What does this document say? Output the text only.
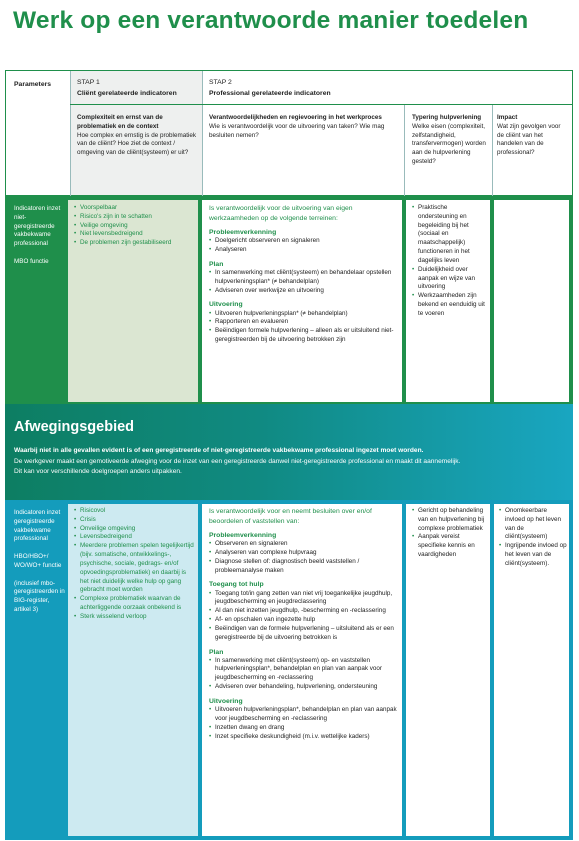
Werk op een verantwoorde manier toedelen
Parameters	STAP 1
Cliënt gerelateerde indicatoren
STAP 2
Professional gerelateerde indicatoren
Complexiteit en ernst van de problematiek en de context
Hoe complex en ernstig is de problematiek van de cliënt? Hoe ziet de context / omgeving van de cliënt(systeem) er uit?
Verantwoordelijkheden en regievoering in het werkproces
Wie is verantwoordelijk voor de uitvoering van taken? Wie mag besluiten nemen?
Typering hulpverlening
Welke eisen (complexiteit, zelfstandigheid, transfervermogen) worden aan de hulpverlening gesteld?
Impact
Wat zijn gevolgen voor de cliënt van het handelen van de professional?
Indicatoren inzet niet-geregistreerde vakbekwame professional

MBO functie
• Voorspelbaar
• Risico's zijn in te schatten
• Veilige omgeving
• Niet levensbedreigend
• De problemen zijn gestabiliseerd
Is verantwoordelijk voor de uitvoering van eigen werkzaamheden op de volgende terreinen:
Probleemverkenning
• Doelgericht observeren en signaleren
• Analyseren
Plan
• In samenwerking met cliënt(systeem) en behandelaar opstellen hulpverleningsplan* (≠ behandelplan)
• Adviseren over werkwijze en uitvoering
Uitvoering
• Uitvoeren hulpverleningsplan* (≠ behandelplan)
• Rapporteren en evalueren
• Beëindigen formele hulpverlening – alleen als er uitsluitend niet-geregistreerden bij de uitvoering betrokken zijn
• Praktische ondersteuning en begeleiding bij het (sociaal en maatschappelijk) functioneren in het dagelijks leven
• Duidelijkheid over aanpak en wijze van uitvoering
• Werkzaamheden zijn bekend en eenduidig uit te voeren
Afwegingsgebied
Waarbij niet in alle gevallen evident is of een geregistreerde of niet-geregistreerde vakbekwame professional ingezet moet worden.
De werkgever maakt een gemotiveerde afweging voor de inzet van een geregistreerde danwel niet-geregistreerde professional en maakt dit aannemelijk.
Dit kan voor verschillende doelgroepen anders uitpakken.
Indicatoren inzet geregistreerde vakbekwame professional

HBO/HBO+/ WO/WO+ functie

(inclusief mbo-geregistreerden in BIG-register, artikel 3)
• Risicovol
• Crisis
• Onveilige omgeving
• Levensbedreigend
• Meerdere problemen spelen tegelijkertijd (bijv. somatische, ontwikkelings-, psychische, sociale, gedrags- en/of opvoedingsproblematiek) en daarbij is het niet duidelijk welke hulp op gang gebracht moet worden
• Complexe problematiek waarvan de achterliggende oorzaak onbekend is
• Sterk wisselend verloop
Is verantwoordelijk voor en neemt besluiten over en/of beoordelen of vaststellen van:
Probleemverkenning
• Observeren en signaleren
• Analyseren van complexe hulpvraag
• Diagnose stellen of: diagnostisch beeld vaststellen / probleemanalyse maken
Toegang tot hulp
• Toegang tot/in gang zetten van niet vrij toegankelijke jeugdhulp, jeugdbescherming en jeugdreclassering
• Al dan niet inzetten jeugdhulp, -bescherming en -reclassering
• Af- en opschalen van ingezette hulp
• Beëindigen van de formele hulpverlening – uitsluitend als er een geregistreerde bij de uitvoering betrokken is
Plan
• In samenwerking met cliënt(systeem) op- en vaststellen hulpverleningsplan*, behandelplan en plan van aanpak voor jeugdbescherming en -reclassering
• Adviseren over behandeling, hulpverlening, ondersteuning
Uitvoering
• Uitvoeren hulpverleningsplan*, behandelplan en plan van aanpak voor jeugdbescherming en -reclassering
• Inzetten dwang en drang
• Inzet specifieke deskundigheid (m.i.v. wettelijke kaders)
• Gericht op behandeling van en hulpverlening bij complexe problematiek
• Aanpak vereist specifieke kennis en vaardigheden
• Onomkeerbare invloed op het leven van de cliënt(systeem)
• Ingrijpende invloed op het leven van de cliënt(systeem).
